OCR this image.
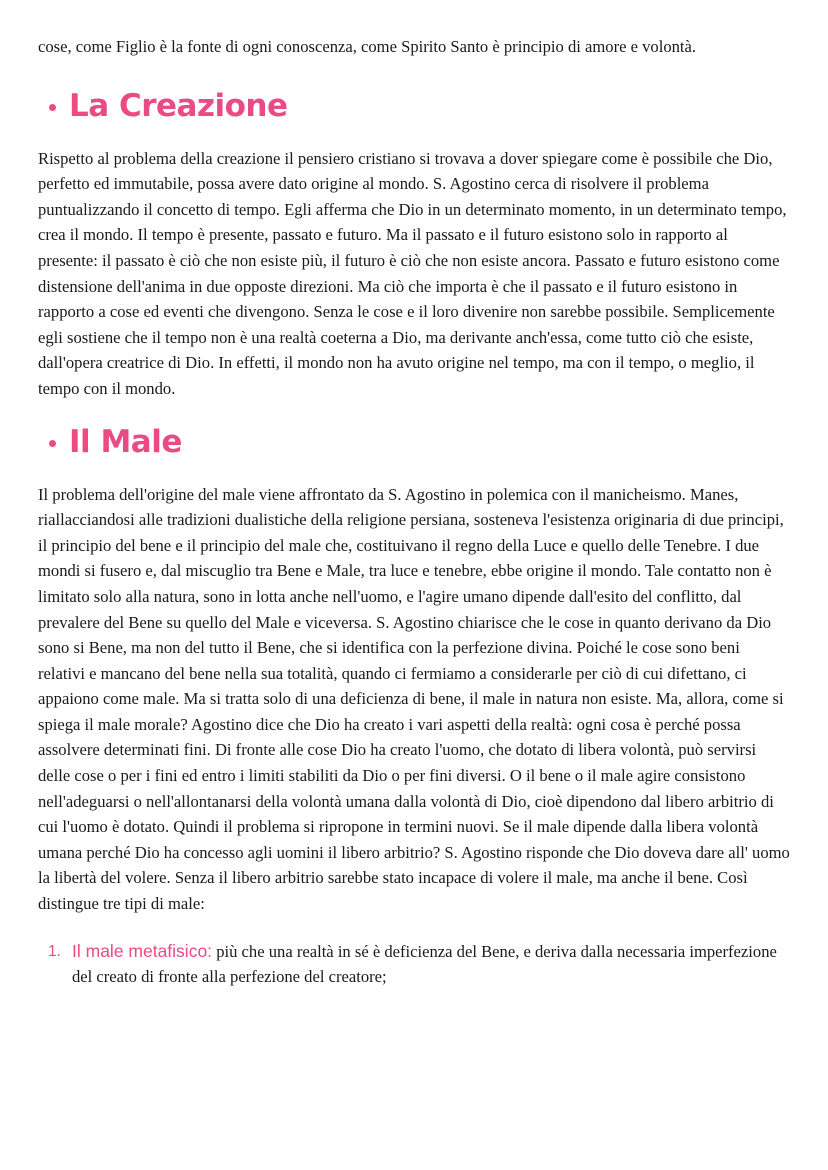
cose, come Figlio è la fonte di ogni conoscenza, come Spirito Santo è principio di amore e volontà.

La Creazione

Rispetto al problema della creazione il pensiero cristiano si trovava a dover spiegare come è possibile che Dio, perfetto ed immutabile, possa avere dato origine al mondo. S. Agostino cerca di risolvere il problema puntualizzando il concetto di tempo. Egli afferma che Dio in un determinato momento, in un determinato tempo, crea il mondo. Il tempo è presente, passato e futuro. Ma il passato e il futuro esistono solo in rapporto al presente: il passato è ciò che non esiste più, il futuro è ciò che non esiste ancora. Passato e futuro esistono come distensione dell'anima in due opposte direzioni. Ma ciò che importa è che il passato e il futuro esistono in rapporto a cose ed eventi che divengono. Senza le cose e il loro divenire non sarebbe possibile. Semplicemente egli sostiene che il tempo non è una realtà coeterna a Dio, ma derivante anch'essa, come tutto ciò che esiste, dall'opera creatrice di Dio. In effetti, il mondo non ha avuto origine nel tempo, ma con il tempo, o meglio, il tempo con il mondo.

Il Male

Il problema dell'origine del male viene affrontato da S. Agostino in polemica con il manicheismo. Manes, riallacciandosi alle tradizioni dualistiche della religione persiana, sosteneva l'esistenza originaria di due principi, il principio del bene e il principio del male che, costituivano il regno della Luce e quello delle Tenebre. I due mondi si fusero e, dal miscuglio tra Bene e Male, tra luce e tenebre, ebbe origine il mondo. Tale contatto non è limitato solo alla natura, sono in lotta anche nell'uomo, e l'agire umano dipende dall'esito del conflitto, dal prevalere del Bene su quello del Male e viceversa. S. Agostino chiarisce che le cose in quanto derivano da Dio sono si Bene, ma non del tutto il Bene, che si identifica con la perfezione divina. Poiché le cose sono beni relativi e mancano del bene nella sua totalità, quando ci fermiamo a considerarle per ciò di cui difettano, ci appaiono come male. Ma si tratta solo di una deficienza di bene, il male in natura non esiste. Ma, allora, come si spiega il male morale? Agostino dice che Dio ha creato i vari aspetti della realtà: ogni cosa è perché possa assolvere determinati fini. Di fronte alle cose Dio ha creato l'uomo, che dotato di libera volontà, può servirsi delle cose o per i fini ed entro i limiti stabiliti da Dio o per fini diversi. O il bene o il male agire consistono nell'adeguarsi o nell'allontanarsi della volontà umana dalla volontà di Dio, cioè dipendono dal libero arbitrio di cui l'uomo è dotato. Quindi il problema si ripropone in termini nuovi. Se il male dipende dalla libera volontà umana perché Dio ha concesso agli uomini il libero arbitrio? S. Agostino risponde che Dio doveva dare all' uomo la libertà del volere. Senza il libero arbitrio sarebbe stato incapace di volere il male, ma anche il bene. Così distingue tre tipi di male:

1. Il male metafisico: più che una realtà in sé è deficienza del Bene, e deriva dalla necessaria imperfezione del creato di fronte alla perfezione del creatore;
